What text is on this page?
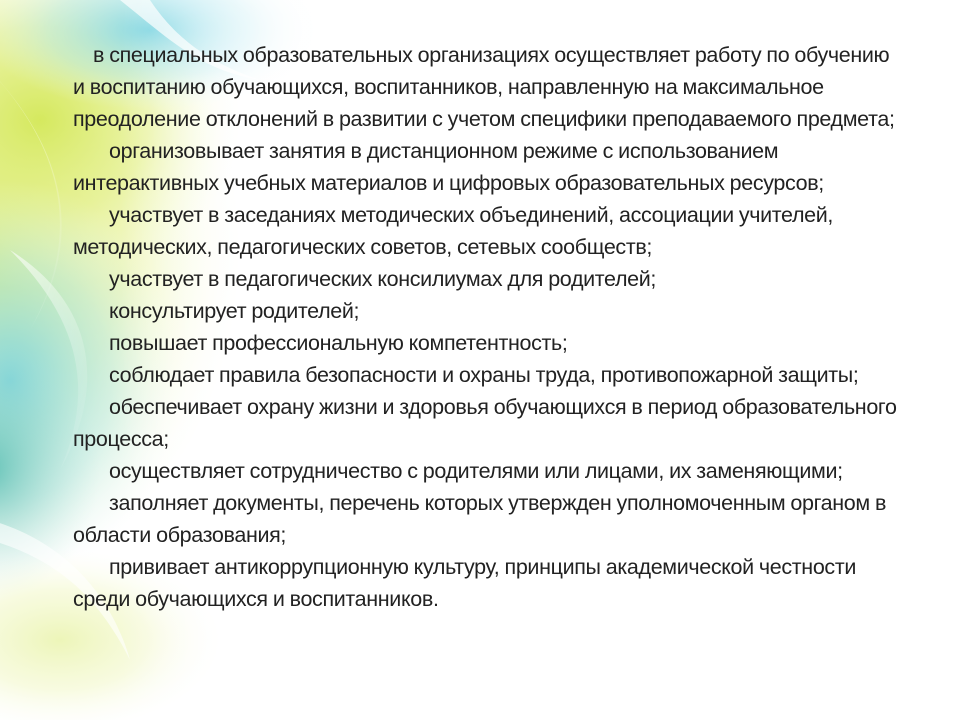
в специальных образовательных организациях осуществляет работу по обучению и воспитанию обучающихся, воспитанников, направленную на максимальное преодоление отклонений в развитии с учетом специфики преподаваемого предмета;

организовывает занятия в дистанционном режиме с использованием интерактивных учебных материалов и цифровых образовательных ресурсов;

участвует в заседаниях методических объединений, ассоциации учителей, методических, педагогических советов, сетевых сообществ;

участвует в педагогических консилиумах для родителей;

консультирует родителей;

повышает профессиональную компетентность;

соблюдает правила безопасности и охраны труда, противопожарной защиты;

обеспечивает охрану жизни и здоровья обучающихся в период образовательного процесса;

осуществляет сотрудничество с родителями или лицами, их заменяющими;

заполняет документы, перечень которых утвержден уполномоченным органом в области образования;

прививает антикоррупционную культуру, принципы академической честности среди обучающихся и воспитанников.
